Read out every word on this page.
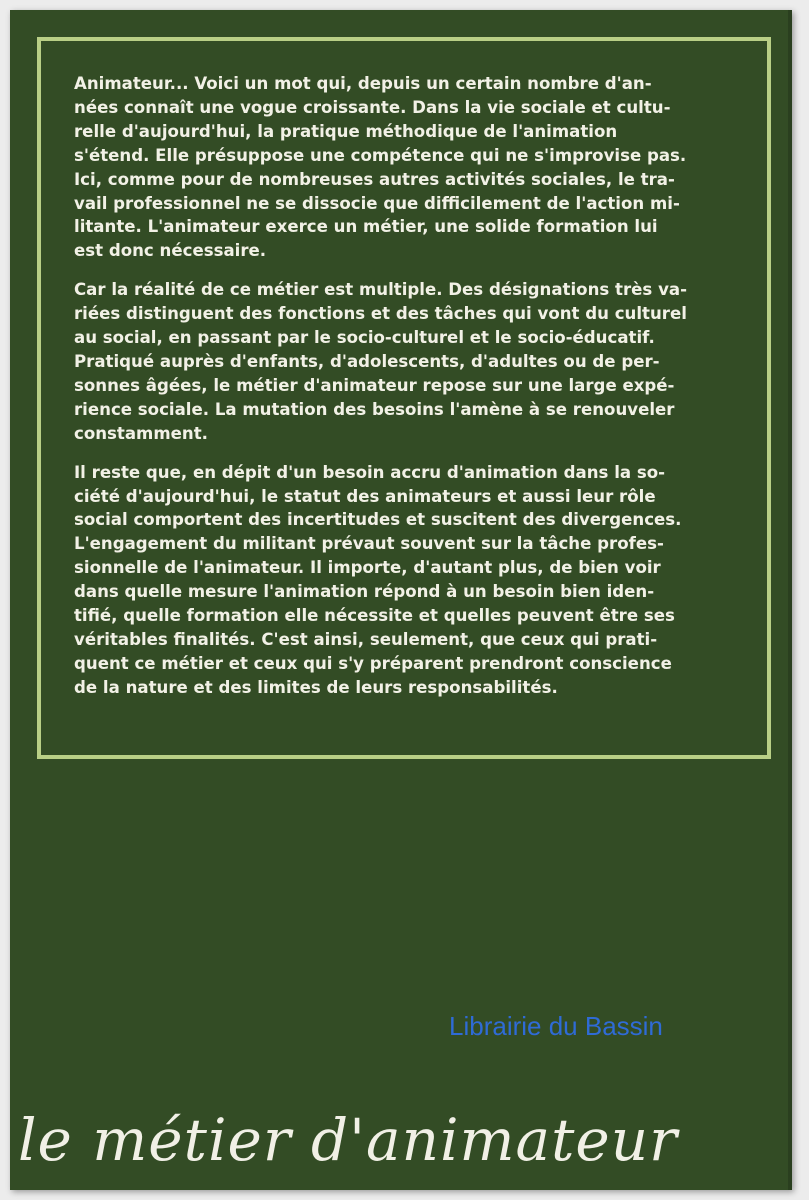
Animateur... Voici un mot qui, depuis un certain nombre d'an-
nées connaît une vogue croissante. Dans la vie sociale et cultu-
relle d'aujourd'hui, la pratique méthodique de l'animation
s'étend. Elle présuppose une compétence qui ne s'improvise pas.
Ici, comme pour de nombreuses autres activités sociales, le tra-
vail professionnel ne se dissocie que difficilement de l'action mi-
litante. L'animateur exerce un métier, une solide formation lui
est donc nécessaire.

Car la réalité de ce métier est multiple. Des désignations très va-
riées distinguent des fonctions et des tâches qui vont du culturel
au social, en passant par le socio-culturel et le socio-éducatif.
Pratiqué auprès d'enfants, d'adolescents, d'adultes ou de per-
sonnes âgées, le métier d'animateur repose sur une large expé-
rience sociale. La mutation des besoins l'amène à se renouveler
constamment.

Il reste que, en dépit d'un besoin accru d'animation dans la so-
ciété d'aujourd'hui, le statut des animateurs et aussi leur rôle
social comportent des incertitudes et suscitent des divergences.
L'engagement du militant prévaut souvent sur la tâche profes-
sionnelle de l'animateur. Il importe, d'autant plus, de bien voir
dans quelle mesure l'animation répond à un besoin bien iden-
tifié, quelle formation elle nécessite et quelles peuvent être ses
véritables finalités. C'est ainsi, seulement, que ceux qui prati-
quent ce métier et ceux qui s'y préparent prendront conscience
de la nature et des limites de leurs responsabilités.

Librairie du Bassin
le métier d'animateur
